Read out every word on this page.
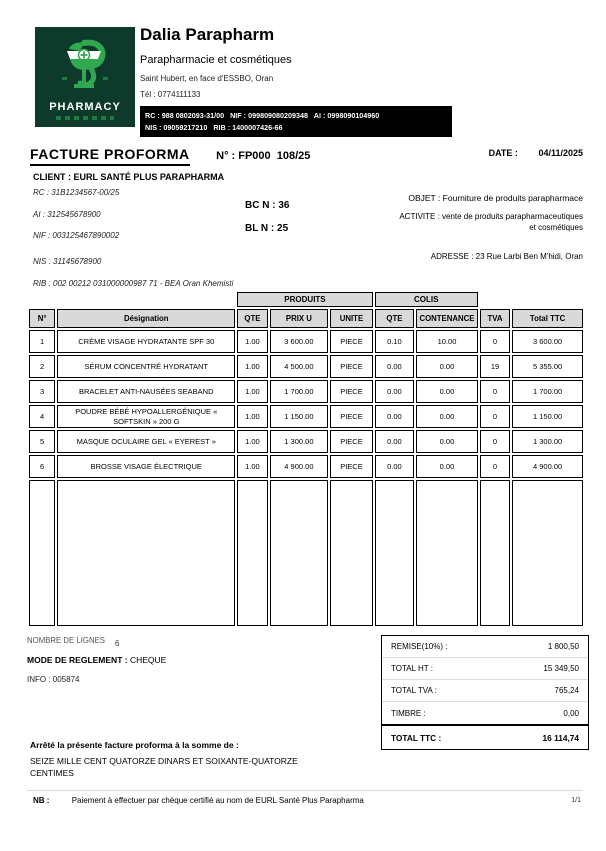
PHARMACY
Dalia Parapharm
Parapharmacie et cosmétiques
Saint Hubert, en face d'ESSBO, Oran
Tél : 0774111133
RC : 988 0802093-31/00   NIF : 099809080209348   AI : 0998090104960
NIS : 09059217210   RIB : 1400007426-66
FACTURE PROFORMA N° : FP000  108/25	DATE : 04/11/2025
CLIENT : EURL SANTÉ PLUS PARAPHARMA
RC : 31B1234567-00/25
AI : 312545678900
NIF : 003125467890002
NIS : 31145678900
RIB : 002 00212 031000000987 71 - BEA Oran Khemisti
BC N : 36
BL N : 25
OBJET : Fourniture de produits parapharmace
ACTIVITE : vente de produits parapharmaceutiques
et cosmétiques
ADRESSE : 23 Rue Larbi Ben M'hidi, Oran
		PRODUITS			COLIS			
N°	Désignation	QTE	PRIX U	UNITE	QTE	CONTENANCE	TVA	Total TTC
1	CRÈME VISAGE HYDRATANTE SPF 30	1.00	3 600.00	PIECE	0.10	10.00	0	3 600.00
2	SÉRUM CONCENTRÉ HYDRATANT	1.00	4 500.00	PIECE	0.00	0.00	19	5 355.00
3	BRACELET ANTI-NAUSÉES SEABAND	1.00	1 700.00	PIECE	0.00	0.00	0	1 700.00
4	POUDRE BÉBÉ HYPOALLERGÉNIQUE « SOFTSKIN » 200 G	1.00	1 150.00	PIECE	0.00	0.00	0	1 150.00
5	MASQUE OCULAIRE GEL « EYEREST »	1.00	1 300.00	PIECE	0.00	0.00	0	1 300.00
6	BROSSE VISAGE ÉLECTRIQUE	1.00	4 900.00	PIECE	0.00	0.00	0	4 900.00

NOMBRE DE LIGNES 6
MODE DE REGLEMENT : CHEQUE
INFO : 005874
REMISE(10%) :	1 800,50
TOTAL HT :	15 349,50
TOTAL TVA :	765,24
TIMBRE :	0,00
TOTAL TTC :	16 114,74
Arrêté la présente facture proforma à la somme de :
SEIZE MILLE CENT QUATORZE DINARS ET SOIXANTE-QUATORZE
CENTIMES
NB :	Paiement à effectuer par chèque certifié au nom de EURL Santé Plus Parapharma	1/1
